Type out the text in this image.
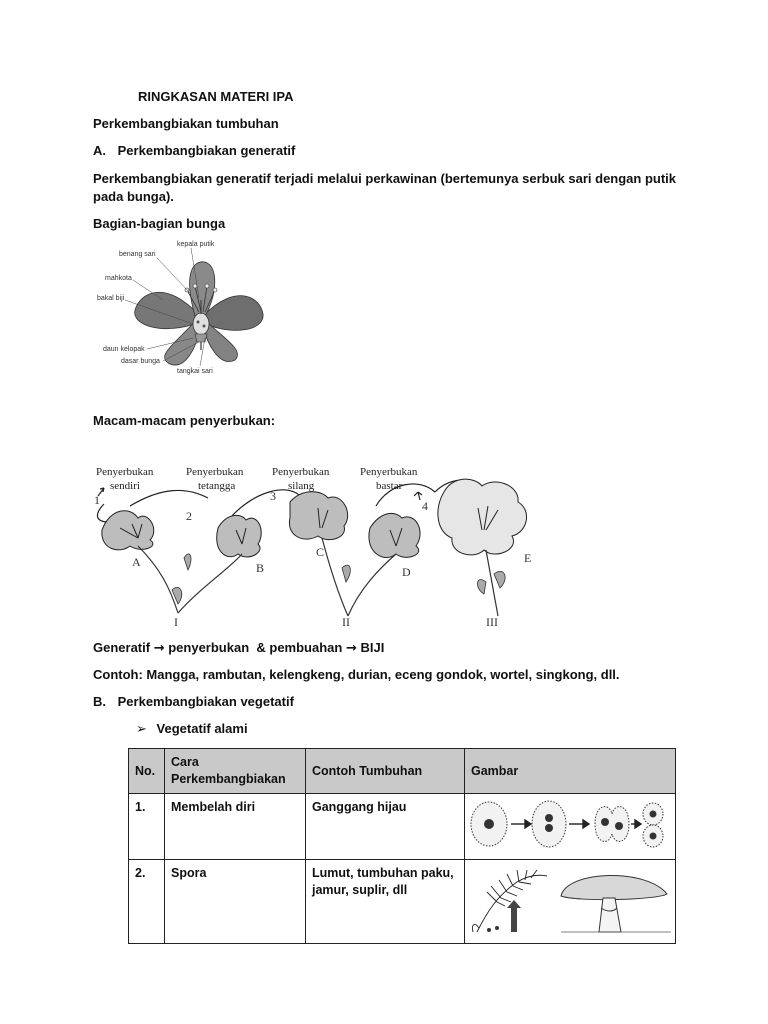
RINGKASAN MATERI IPA
Perkembangbiakan tumbuhan
A. Perkembangbiakan generatif
Perkembangbiakan generatif terjadi melalui perkawinan (bertemunya serbuk sari dengan putik pada bunga).
Bagian-bagian bunga
kepala putik
benang sari
mahkota
bakal biji
daun kelopak
dasar bunga
tangkai sari
Macam-macam penyerbukan:
Penyerbukan
sendiri
Penyerbukan
tetangga
Penyerbukan
silang
Penyerbukan
bastar
1
2
3
4
A	B
C
D
E
I	II	III
Generatif → penyerbukan  & pembuahan → BIJI
Contoh: Mangga, rambutan, kelengkeng, durian, eceng gondok, wortel, singkong, dll.
B. Perkembangbiakan vegetatif
➢ Vegetatif alami
No.	Cara Perkembangbiakan	Contoh Tumbuhan	Gambar
1.	Membelah diri	Ganggang hijau	
2.	Spora	Lumut, tumbuhan paku, jamur, suplir, dll	
